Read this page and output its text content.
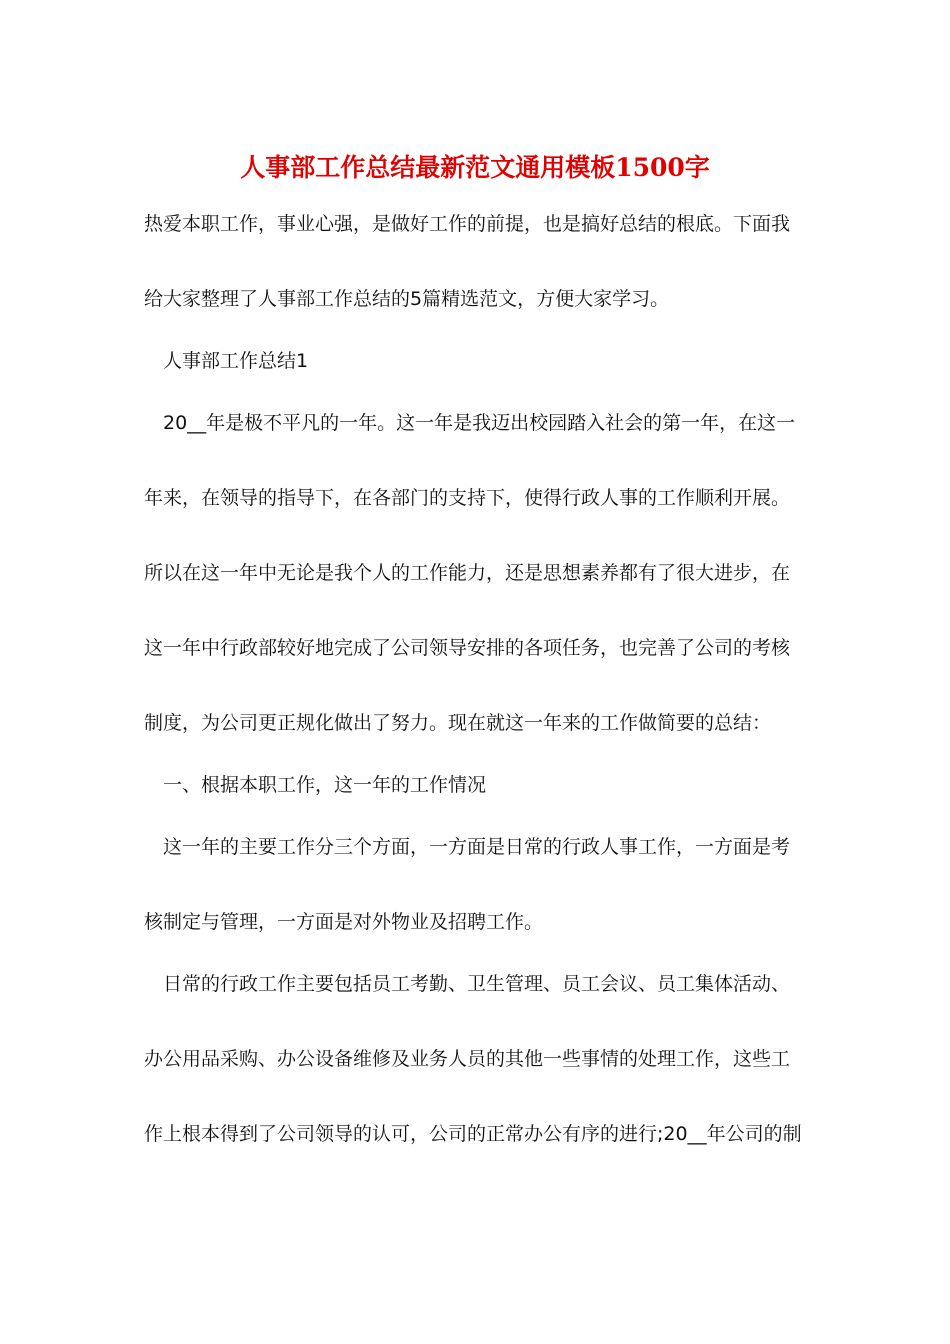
人事部工作总结最新范文通用模板1500字
热爱本职工作，事业心强，是做好工作的前提，也是搞好总结的根底。下面我
给大家整理了人事部工作总结的5篇精选范文，方便大家学习。
人事部工作总结1
20__年是极不平凡的一年。这一年是我迈出校园踏入社会的第一年，在这一
年来，在领导的指导下，在各部门的支持下，使得行政人事的工作顺利开展。
所以在这一年中无论是我个人的工作能力，还是思想素养都有了很大进步，在
这一年中行政部较好地完成了公司领导安排的各项任务，也完善了公司的考核
制度，为公司更正规化做出了努力。现在就这一年来的工作做简要的总结：
一、根据本职工作，这一年的工作情况
这一年的主要工作分三个方面，一方面是日常的行政人事工作，一方面是考
核制定与管理，一方面是对外物业及招聘工作。
日常的行政工作主要包括员工考勤、卫生管理、员工会议、员工集体活动、
办公用品采购、办公设备维修及业务人员的其他一些事情的处理工作，这些工
作上根本得到了公司领导的认可，公司的正常办公有序的进行;20__年公司的制
